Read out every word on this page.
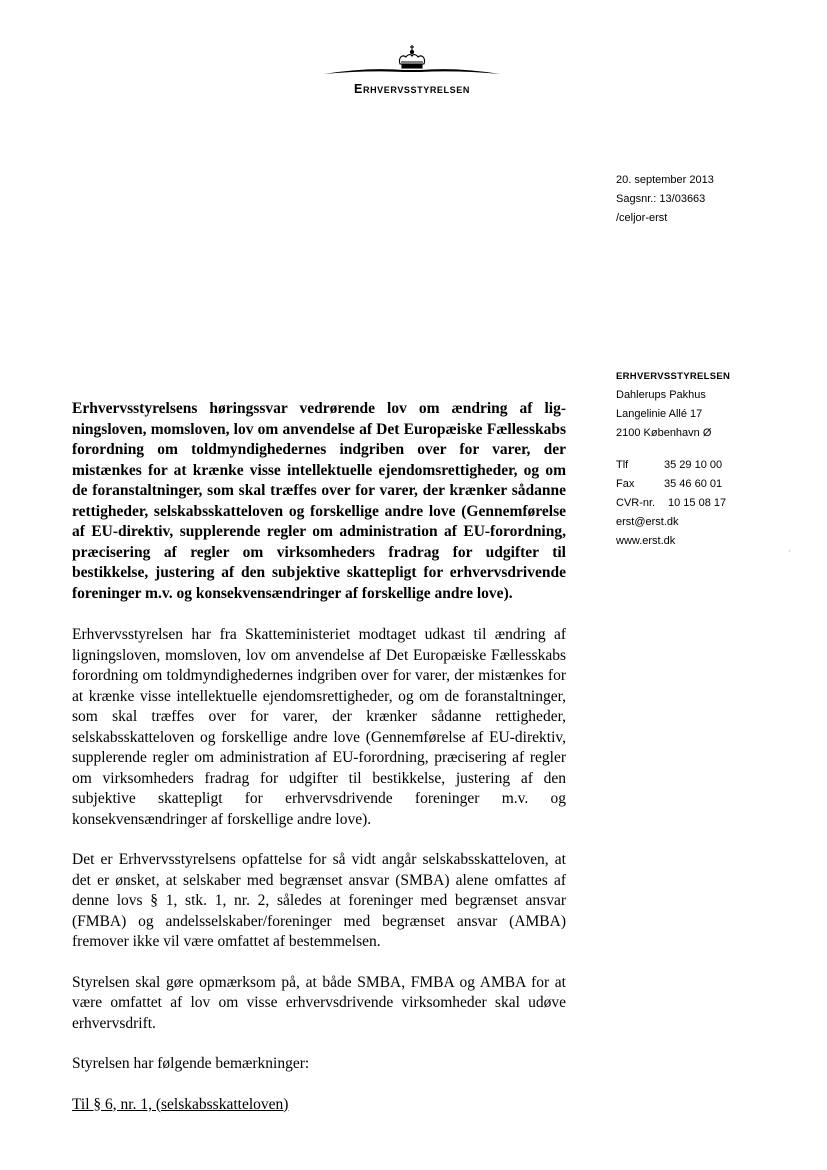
Erhvervsstyrelsen
20. september 2013
Sagsnr.: 13/03663
/celjor-erst
ERHVERVSSTYRELSEN
Dahlerups Pakhus
Langelinie Allé 17
2100 København Ø
Tlf	35 29 10 00
Fax	35 46 60 01
CVR-nr.	10 15 08 17
erst@erst.dk
www.erst.dk
·

Erhvervsstyrelsens høringssvar vedrørende lov om ændring af ligningsloven, momsloven, lov om anvendelse af Det Europæiske Fællesskabs forordning om toldmyndighedernes indgriben over for varer, der mistænkes for at krænke visse intellektuelle ejendomsrettigheder, og om de foranstaltninger, som skal træffes over for varer, der krænker sådanne rettigheder, selskabsskatteloven og forskellige andre love (Gennemførelse af EU-direktiv, supplerende regler om administration af EU-forordning, præcisering af regler om virksomheders fradrag for udgifter til bestikkelse, justering af den subjektive skattepligt for erhvervsdrivende foreninger m.v. og konsekvensændringer af forskellige andre love).

Erhvervsstyrelsen har fra Skatteministeriet modtaget udkast til ændring af ligningsloven, momsloven, lov om anvendelse af Det Europæiske Fællesskabs forordning om toldmyndighedernes indgriben over for varer, der mistænkes for at krænke visse intellektuelle ejendomsrettigheder, og om de foranstaltninger, som skal træffes over for varer, der krænker sådanne rettigheder, selskabsskatteloven og forskellige andre love (Gennemførelse af EU-direktiv, supplerende regler om administration af EU-forordning, præcisering af regler om virksomheders fradrag for udgifter til bestikkelse, justering af den subjektive skattepligt for erhvervsdrivende foreninger m.v. og konsekvensændringer af forskellige andre love).

Det er Erhvervsstyrelsens opfattelse for så vidt angår selskabsskatteloven, at det er ønsket, at selskaber med begrænset ansvar (SMBA) alene omfattes af denne lovs § 1, stk. 1, nr. 2, således at foreninger med begrænset ansvar (FMBA) og andelsselskaber/foreninger med begrænset ansvar (AMBA) fremover ikke vil være omfattet af bestemmelsen.

Styrelsen skal gøre opmærksom på, at både SMBA, FMBA og AMBA for at være omfattet af lov om visse erhvervsdrivende virksomheder skal udøve erhvervsdrift.

Styrelsen har følgende bemærkninger:

Til § 6, nr. 1, (selskabsskatteloven)
